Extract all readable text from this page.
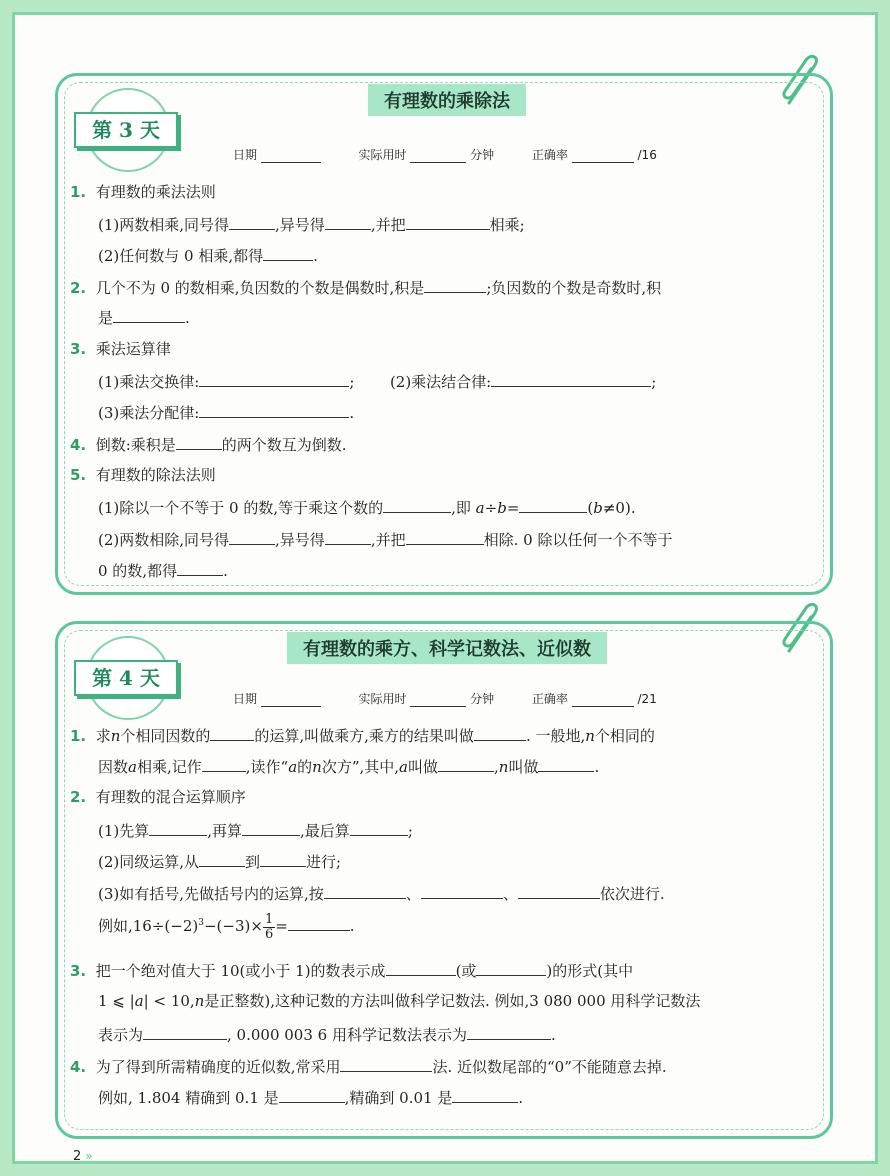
有理数的乘除法
第 3 天
日期	实际用时	分钟	正确率	/16
1. 有理数的乘法法则
(1)两数相乘,同号得	,异号得	,并把	相乘;
(2)任何数与 0 相乘,都得	.
2. 几个不为 0 的数相乘,负因数的个数是偶数时,积是	;负因数的个数是奇数时,积
是	.
3. 乘法运算律
(1)乘法交换律:	; (2)乘法结合律:	;
(3)乘法分配律:	.
4. 倒数:乘积是	的两个数互为倒数.
5. 有理数的除法法则
(1)除以一个不等于 0 的数,等于乘这个数的	,即 a÷b=	(b≠0).
(2)两数相除,同号得	,异号得	,并把	相除. 0 除以任何一个不等于
0 的数,都得	.
有理数的乘方、科学记数法、近似数
第 4 天
日期	实际用时	分钟	正确率	/21
1. 求n个相同因数的	的运算,叫做乘方,乘方的结果叫做	. 一般地,n个相同的
因数a相乘,记作	,读作“a的n次方”,其中,a叫做	,n叫做	.
2. 有理数的混合运算顺序
(1)先算	,再算	,最后算	;
(2)同级运算,从	到	进行;
(3)如有括号,先做括号内的运算,按	、	、	依次进行.
例如$,16\div(-2)^3-(-3)\times \frac{1}{6}$ =	.
3. 把一个绝对值大于 10(或小于 1)的数表示成	(或	)的形式(其中
1 ⩽ |a| < 10,n是正整数),这种记数的方法叫做科学记数法. 例如,3 080 000 用科学记数法
表示为	, 0.000 003 6 用科学记数法表示为	.
4. 为了得到所需精确度的近似数,常采用	法. 近似数尾部的“0”不能随意去掉.
例如, 1.804 精确到 0.1 是	,精确到 0.01 是	.
2 »
